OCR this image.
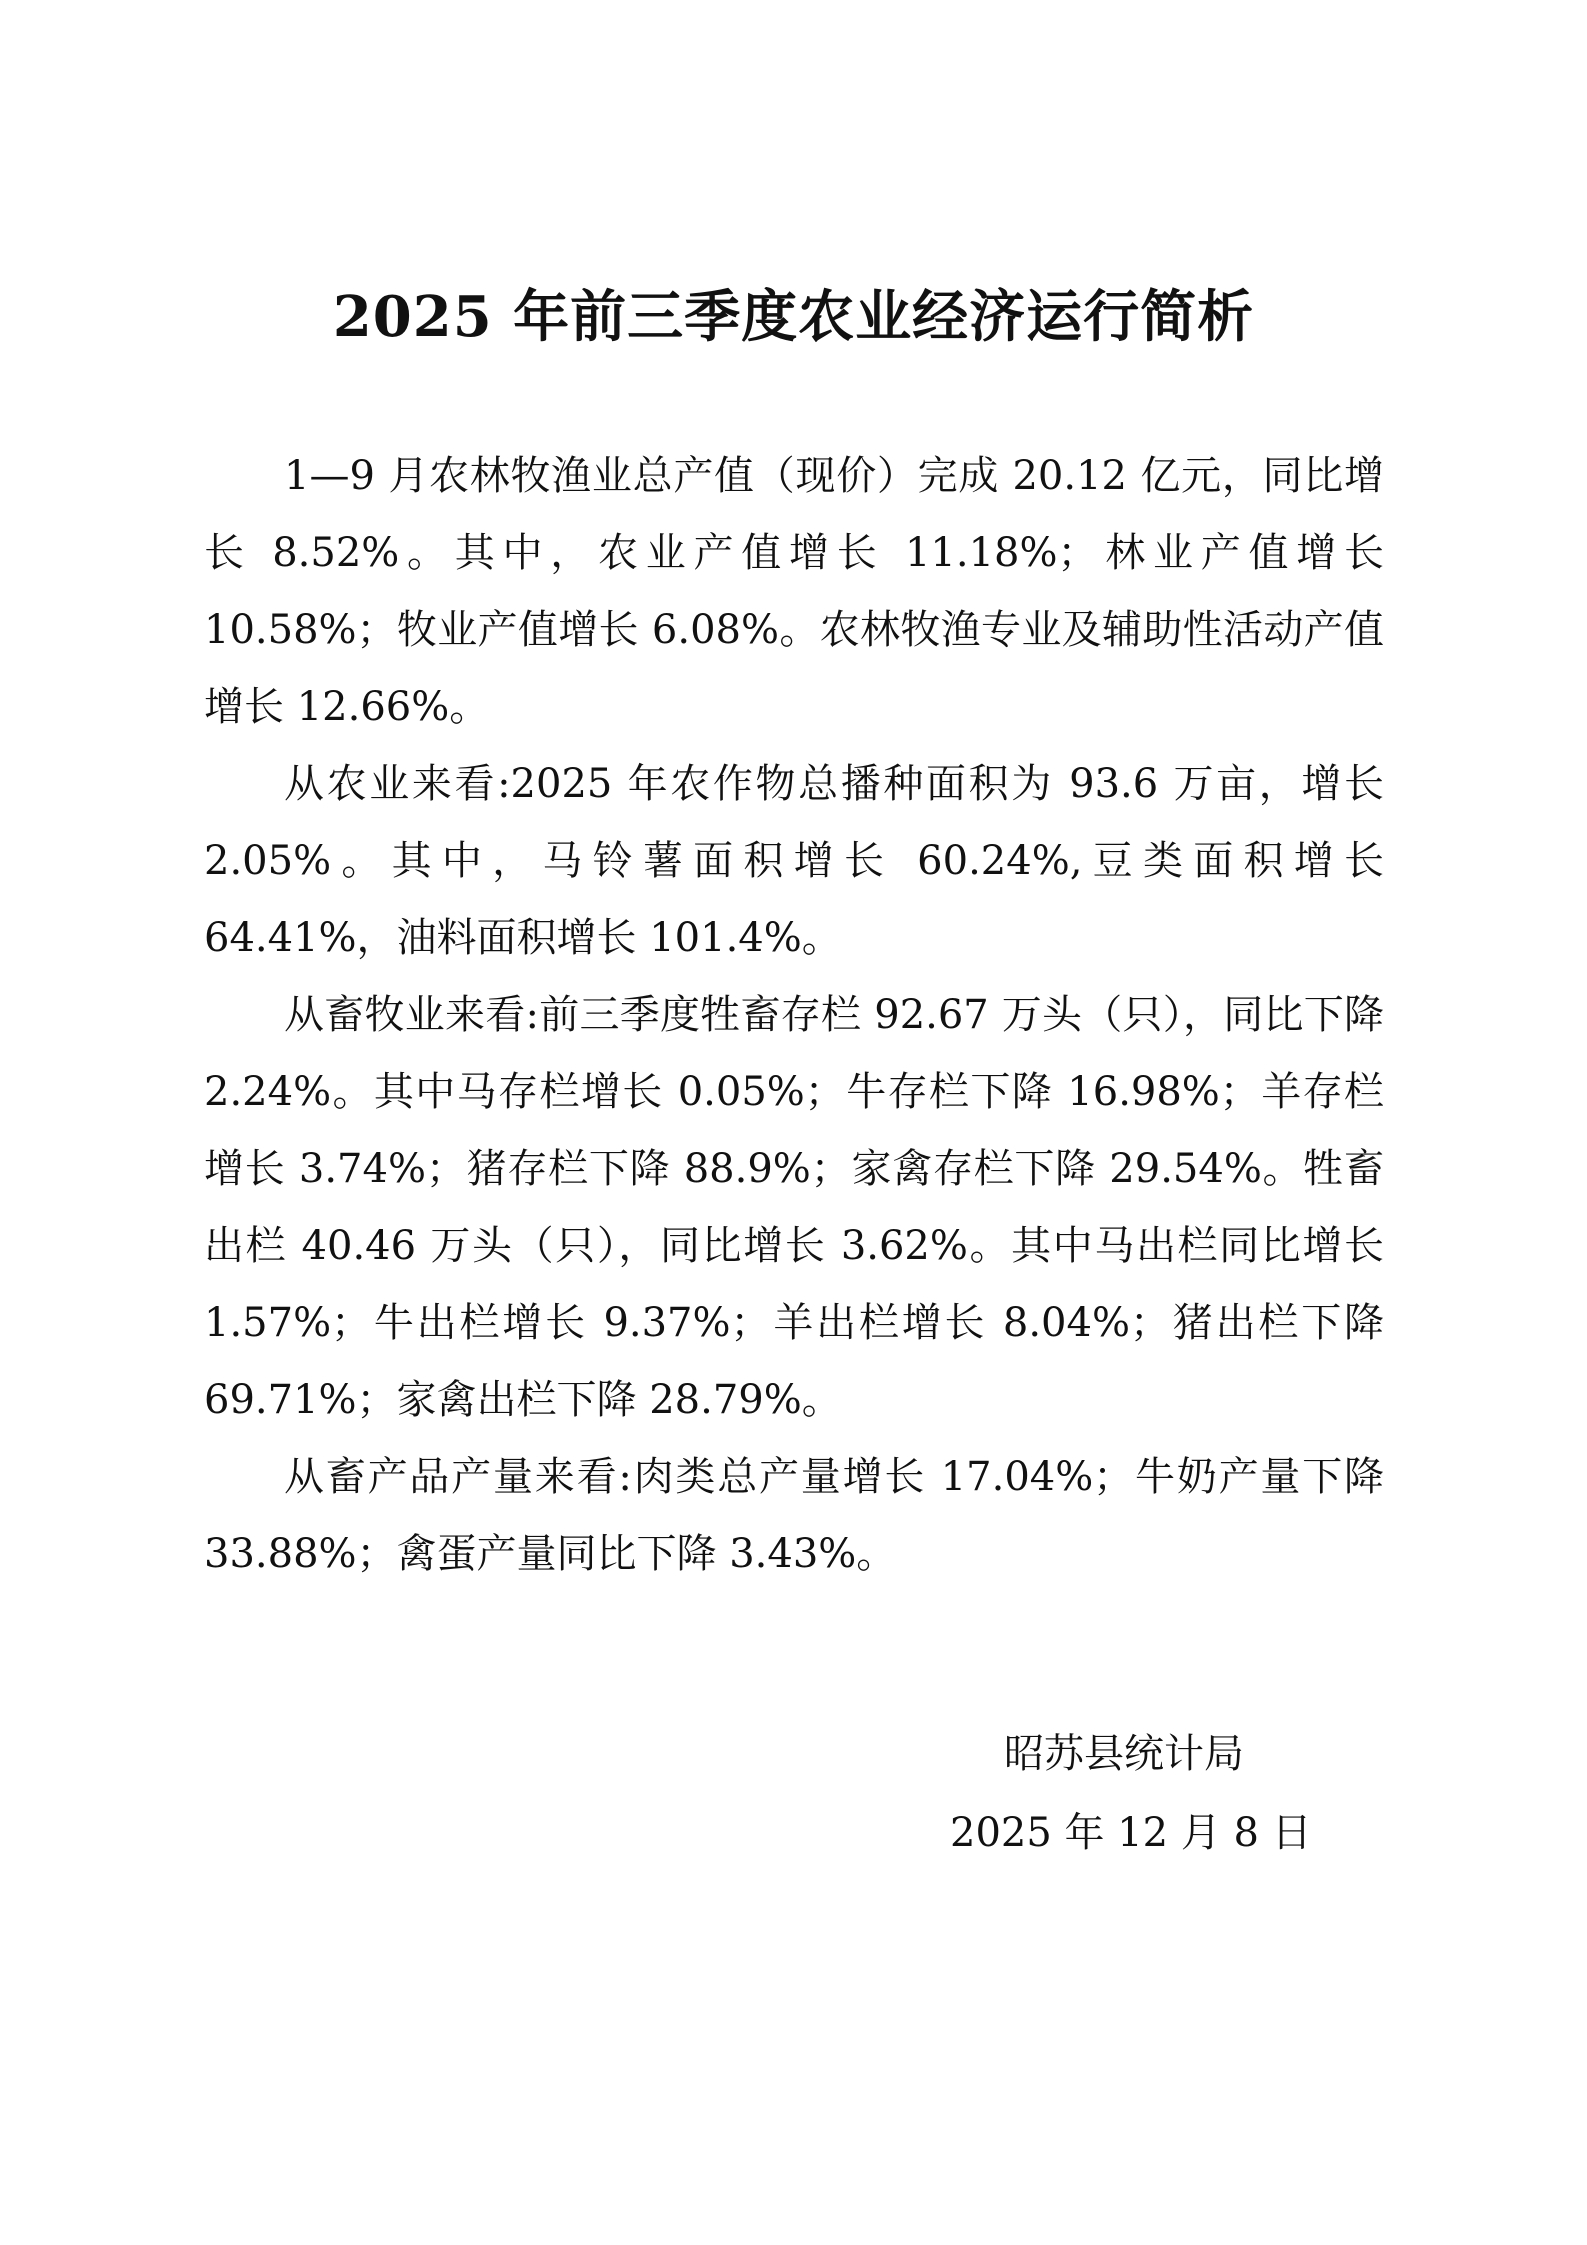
2025 年前三季度农业经济运行简析

1—9 月农林牧渔业总产值（现价）完成 20.12 亿元，同比增长 8.52%。其中，农业产值增长 11.18%；林业产值增长 10.58%；牧业产值增长 6.08%。农林牧渔专业及辅助性活动产值增长 12.66%。

从农业来看:2025 年农作物总播种面积为 93.6 万亩，增长 2.05%。其中，马铃薯面积增长 60.24%,豆类面积增长 64.41%，油料面积增长 101.4%。

从畜牧业来看:前三季度牲畜存栏 92.67 万头（只），同比下降 2.24%。其中马存栏增长 0.05%；牛存栏下降 16.98%；羊存栏增长 3.74%；猪存栏下降 88.9%；家禽存栏下降 29.54%。牲畜出栏 40.46 万头（只），同比增长 3.62%。其中马出栏同比增长 1.57%；牛出栏增长 9.37%；羊出栏增长 8.04%；猪出栏下降 69.71%；家禽出栏下降 28.79%。

从畜产品产量来看:肉类总产量增长 17.04%；牛奶产量下降 33.88%；禽蛋产量同比下降 3.43%。

昭苏县统计局
2025 年 12 月 8 日
